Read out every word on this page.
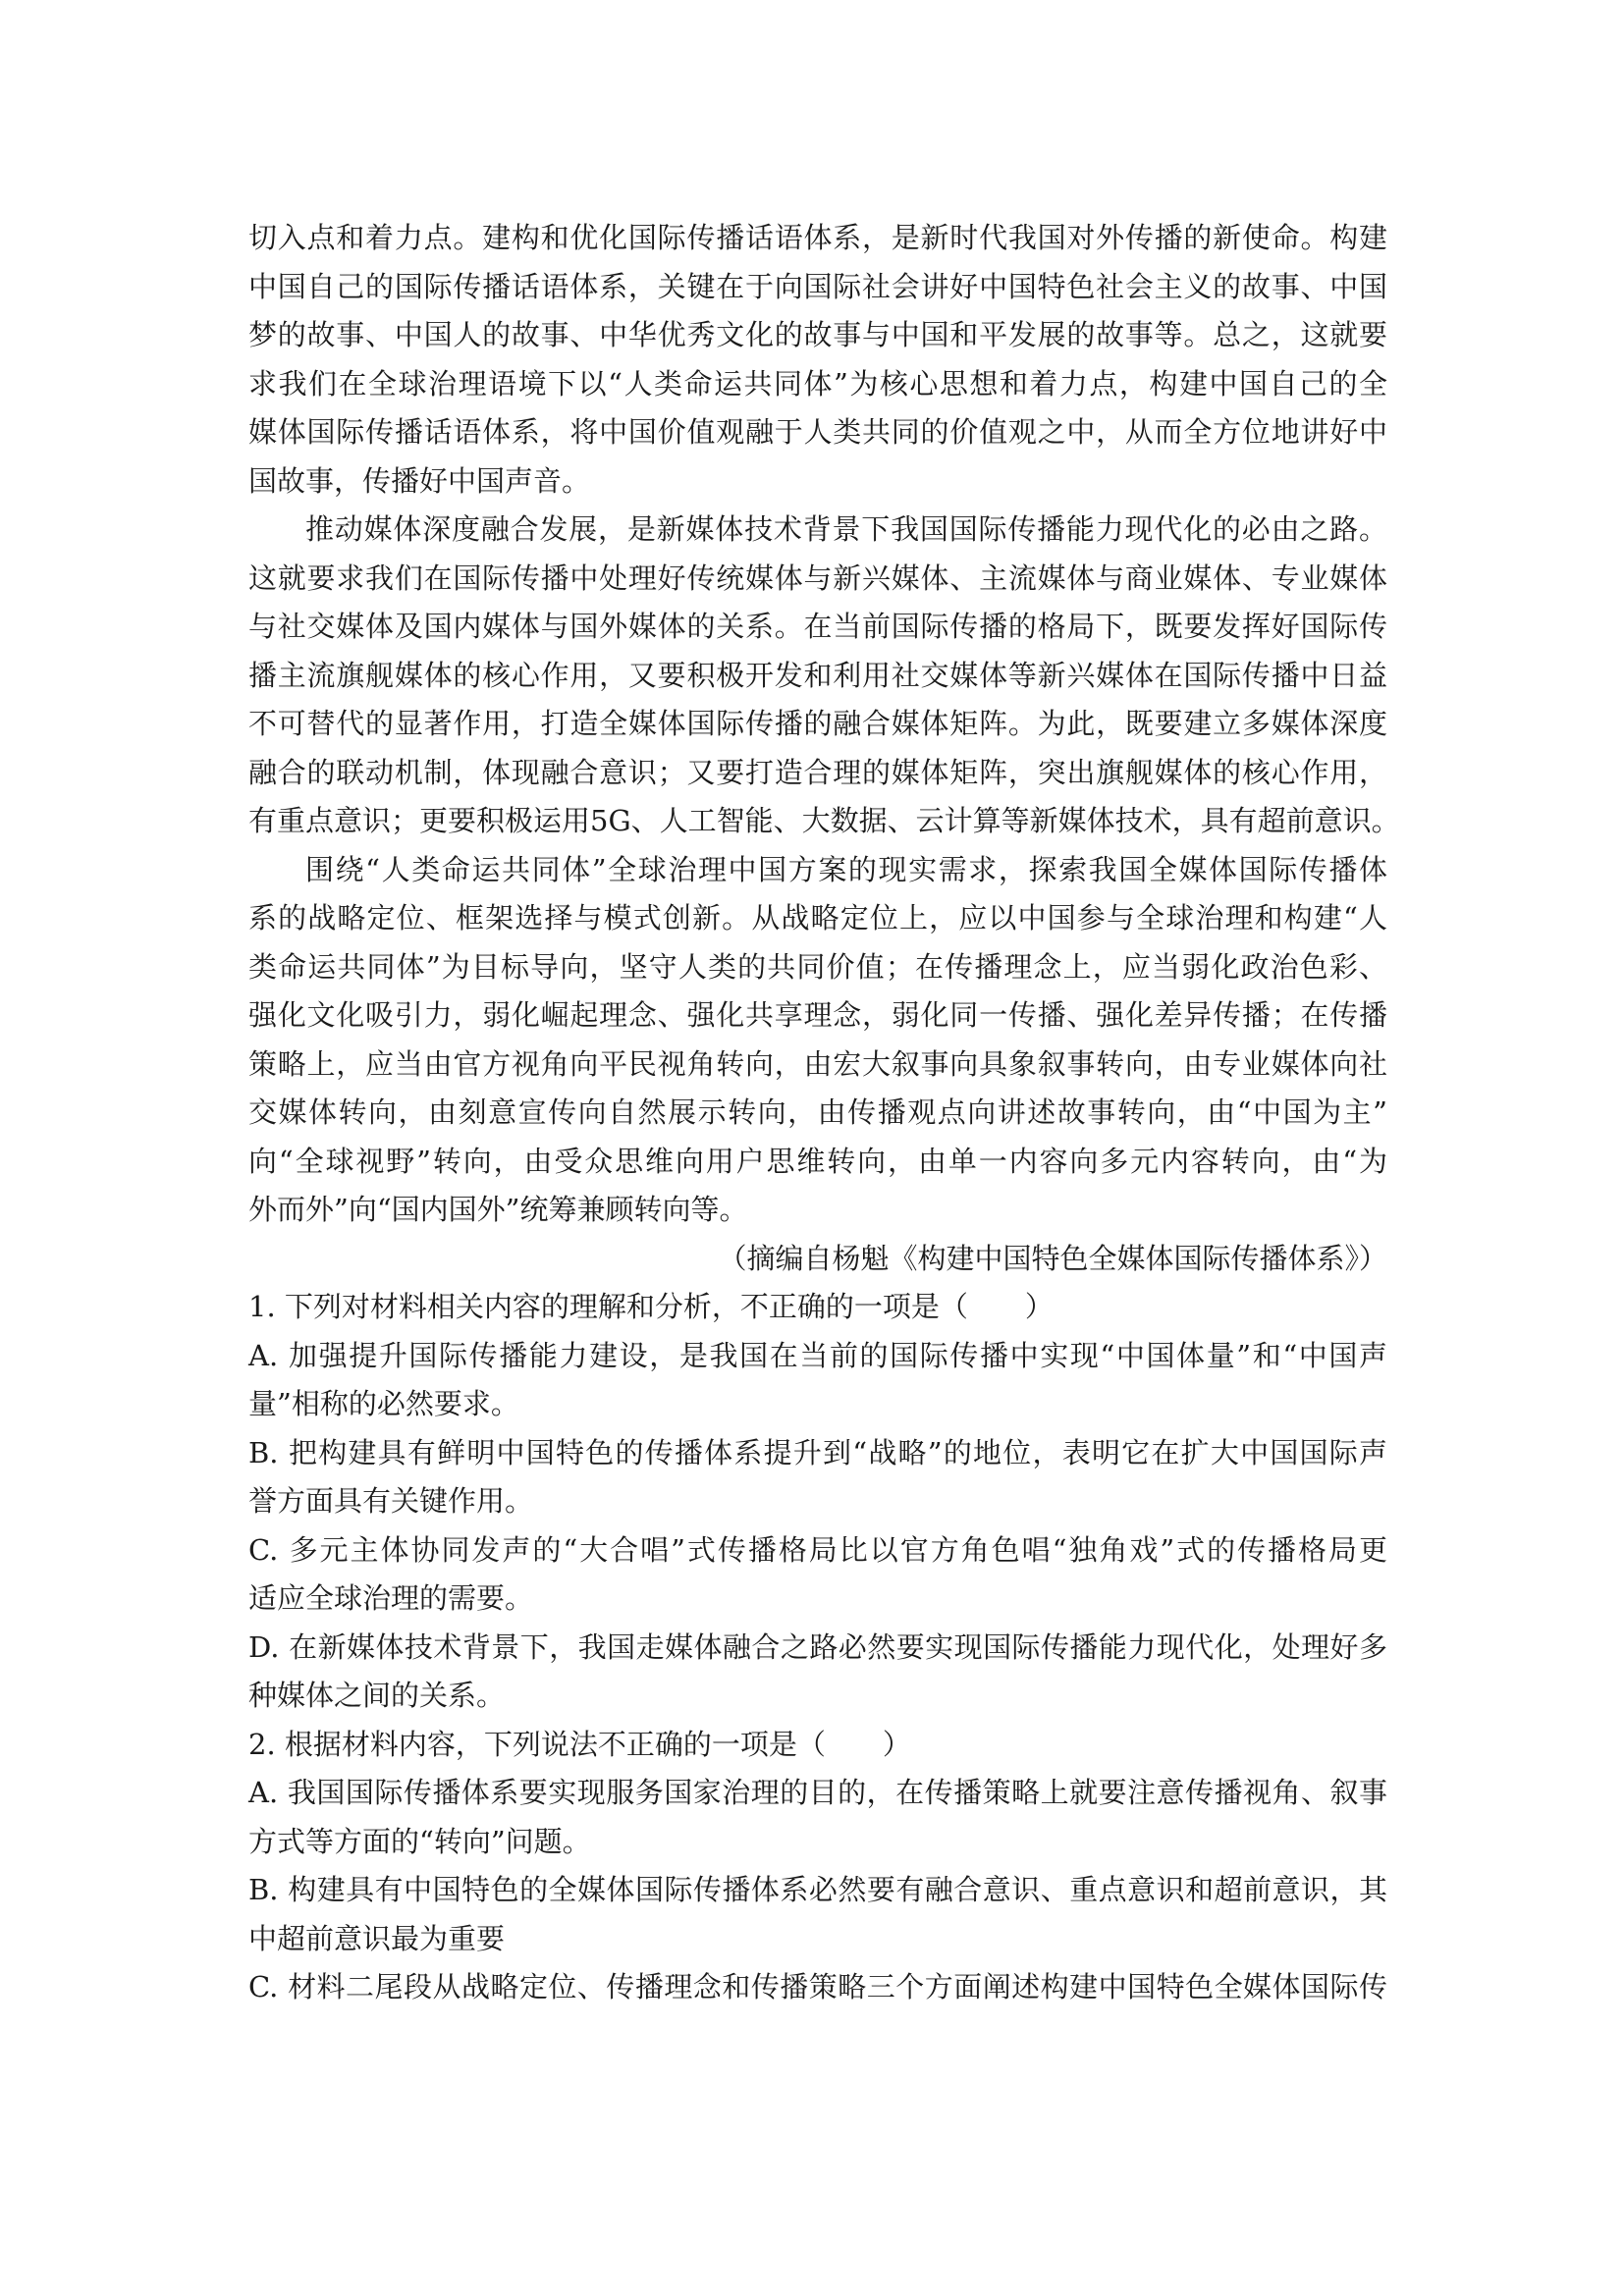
切入点和着力点。建构和优化国际传播话语体系，是新时代我国对外传播的新使命。构建
中国自己的国际传播话语体系，关键在于向国际社会讲好中国特色社会主义的故事、中国
梦的故事、中国人的故事、中华优秀文化的故事与中国和平发展的故事等。总之，这就要
求我们在全球治理语境下以“人类命运共同体”为核心思想和着力点，构建中国自己的全
媒体国际传播话语体系，将中国价值观融于人类共同的价值观之中，从而全方位地讲好中
国故事，传播好中国声音。
推动媒体深度融合发展，是新媒体技术背景下我国国际传播能力现代化的必由之路。
这就要求我们在国际传播中处理好传统媒体与新兴媒体、主流媒体与商业媒体、专业媒体
与社交媒体及国内媒体与国外媒体的关系。在当前国际传播的格局下，既要发挥好国际传
播主流旗舰媒体的核心作用，又要积极开发和利用社交媒体等新兴媒体在国际传播中日益
不可替代的显著作用，打造全媒体国际传播的融合媒体矩阵。为此，既要建立多媒体深度
融合的联动机制，体现融合意识；又要打造合理的媒体矩阵，突出旗舰媒体的核心作用，
有重点意识；更要积极运用5G、人工智能、大数据、云计算等新媒体技术，具有超前意识。
围绕“人类命运共同体”全球治理中国方案的现实需求，探索我国全媒体国际传播体
系的战略定位、框架选择与模式创新。从战略定位上，应以中国参与全球治理和构建“人
类命运共同体”为目标导向，坚守人类的共同价值；在传播理念上，应当弱化政治色彩、
强化文化吸引力，弱化崛起理念、强化共享理念，弱化同一传播、强化差异传播；在传播
策略上，应当由官方视角向平民视角转向，由宏大叙事向具象叙事转向，由专业媒体向社
交媒体转向，由刻意宣传向自然展示转向，由传播观点向讲述故事转向，由“中国为主”
向“全球视野”转向，由受众思维向用户思维转向，由单一内容向多元内容转向，由“为
外而外”向“国内国外”统筹兼顾转向等。
（摘编自杨魁《构建中国特色全媒体国际传播体系》）
1. 下列对材料相关内容的理解和分析，不正确的一项是（　　）
A. 加强提升国际传播能力建设，是我国在当前的国际传播中实现“中国体量”和“中国声
量”相称的必然要求。
B. 把构建具有鲜明中国特色的传播体系提升到“战略”的地位，表明它在扩大中国国际声
誉方面具有关键作用。
C. 多元主体协同发声的“大合唱”式传播格局比以官方角色唱“独角戏”式的传播格局更
适应全球治理的需要。
D. 在新媒体技术背景下，我国走媒体融合之路必然要实现国际传播能力现代化，处理好多
种媒体之间的关系。
2. 根据材料内容，下列说法不正确的一项是（　　）
A. 我国国际传播体系要实现服务国家治理的目的，在传播策略上就要注意传播视角、叙事
方式等方面的“转向”问题。
B. 构建具有中国特色的全媒体国际传播体系必然要有融合意识、重点意识和超前意识，其
中超前意识最为重要
C. 材料二尾段从战略定位、传播理念和传播策略三个方面阐述构建中国特色全媒体国际传
